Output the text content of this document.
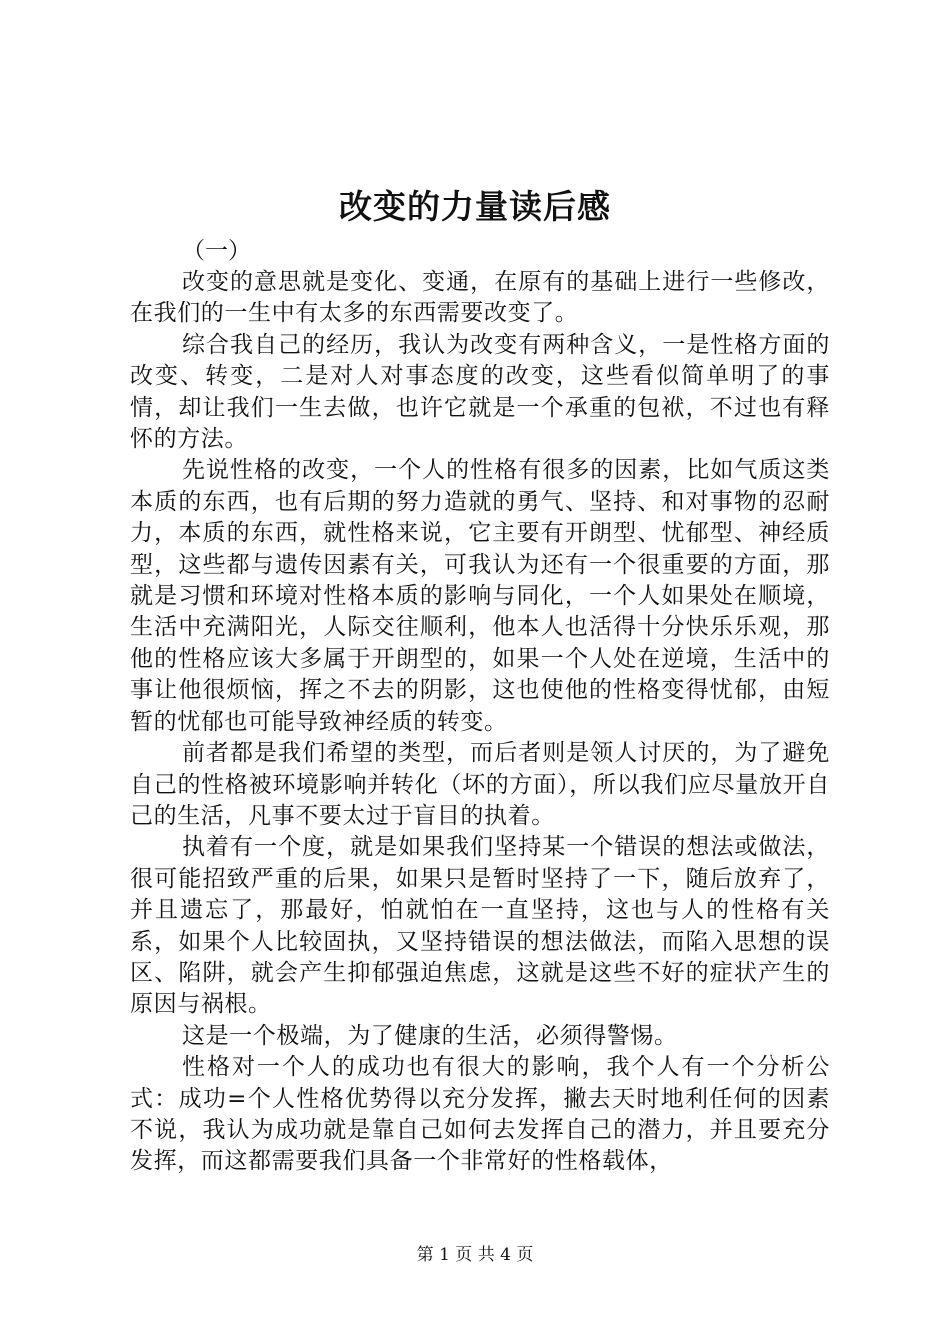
改变的力量读后感

（一）

改变的意思就是变化、变通，在原有的基础上进行一些修改，在我们的一生中有太多的东西需要改变了。

综合我自己的经历，我认为改变有两种含义，一是性格方面的改变、转变，二是对人对事态度的改变，这些看似简单明了的事情，却让我们一生去做，也许它就是一个承重的包袱，不过也有释怀的方法。

先说性格的改变，一个人的性格有很多的因素，比如气质这类本质的东西，也有后期的努力造就的勇气、坚持、和对事物的忍耐力，本质的东西，就性格来说，它主要有开朗型、忧郁型、神经质型，这些都与遗传因素有关，可我认为还有一个很重要的方面，那就是习惯和环境对性格本质的影响与同化，一个人如果处在顺境，生活中充满阳光，人际交往顺利，他本人也活得十分快乐乐观，那他的性格应该大多属于开朗型的，如果一个人处在逆境，生活中的事让他很烦恼，挥之不去的阴影，这也使他的性格变得忧郁，由短暂的忧郁也可能导致神经质的转变。

前者都是我们希望的类型，而后者则是领人讨厌的，为了避免自己的性格被环境影响并转化（坏的方面），所以我们应尽量放开自己的生活，凡事不要太过于盲目的执着。

执着有一个度，就是如果我们坚持某一个错误的想法或做法，很可能招致严重的后果，如果只是暂时坚持了一下，随后放弃了，并且遗忘了，那最好，怕就怕在一直坚持，这也与人的性格有关系，如果个人比较固执，又坚持错误的想法做法，而陷入思想的误区、陷阱，就会产生抑郁强迫焦虑，这就是这些不好的症状产生的原因与祸根。

这是一个极端，为了健康的生活，必须得警惕。

性格对一个人的成功也有很大的影响，我个人有一个分析公式：成功=个人性格优势得以充分发挥，撇去天时地利任何的因素不说，我认为成功就是靠自己如何去发挥自己的潜力，并且要充分发挥，而这都需要我们具备一个非常好的性格载体，

第 1 页 共 4 页
